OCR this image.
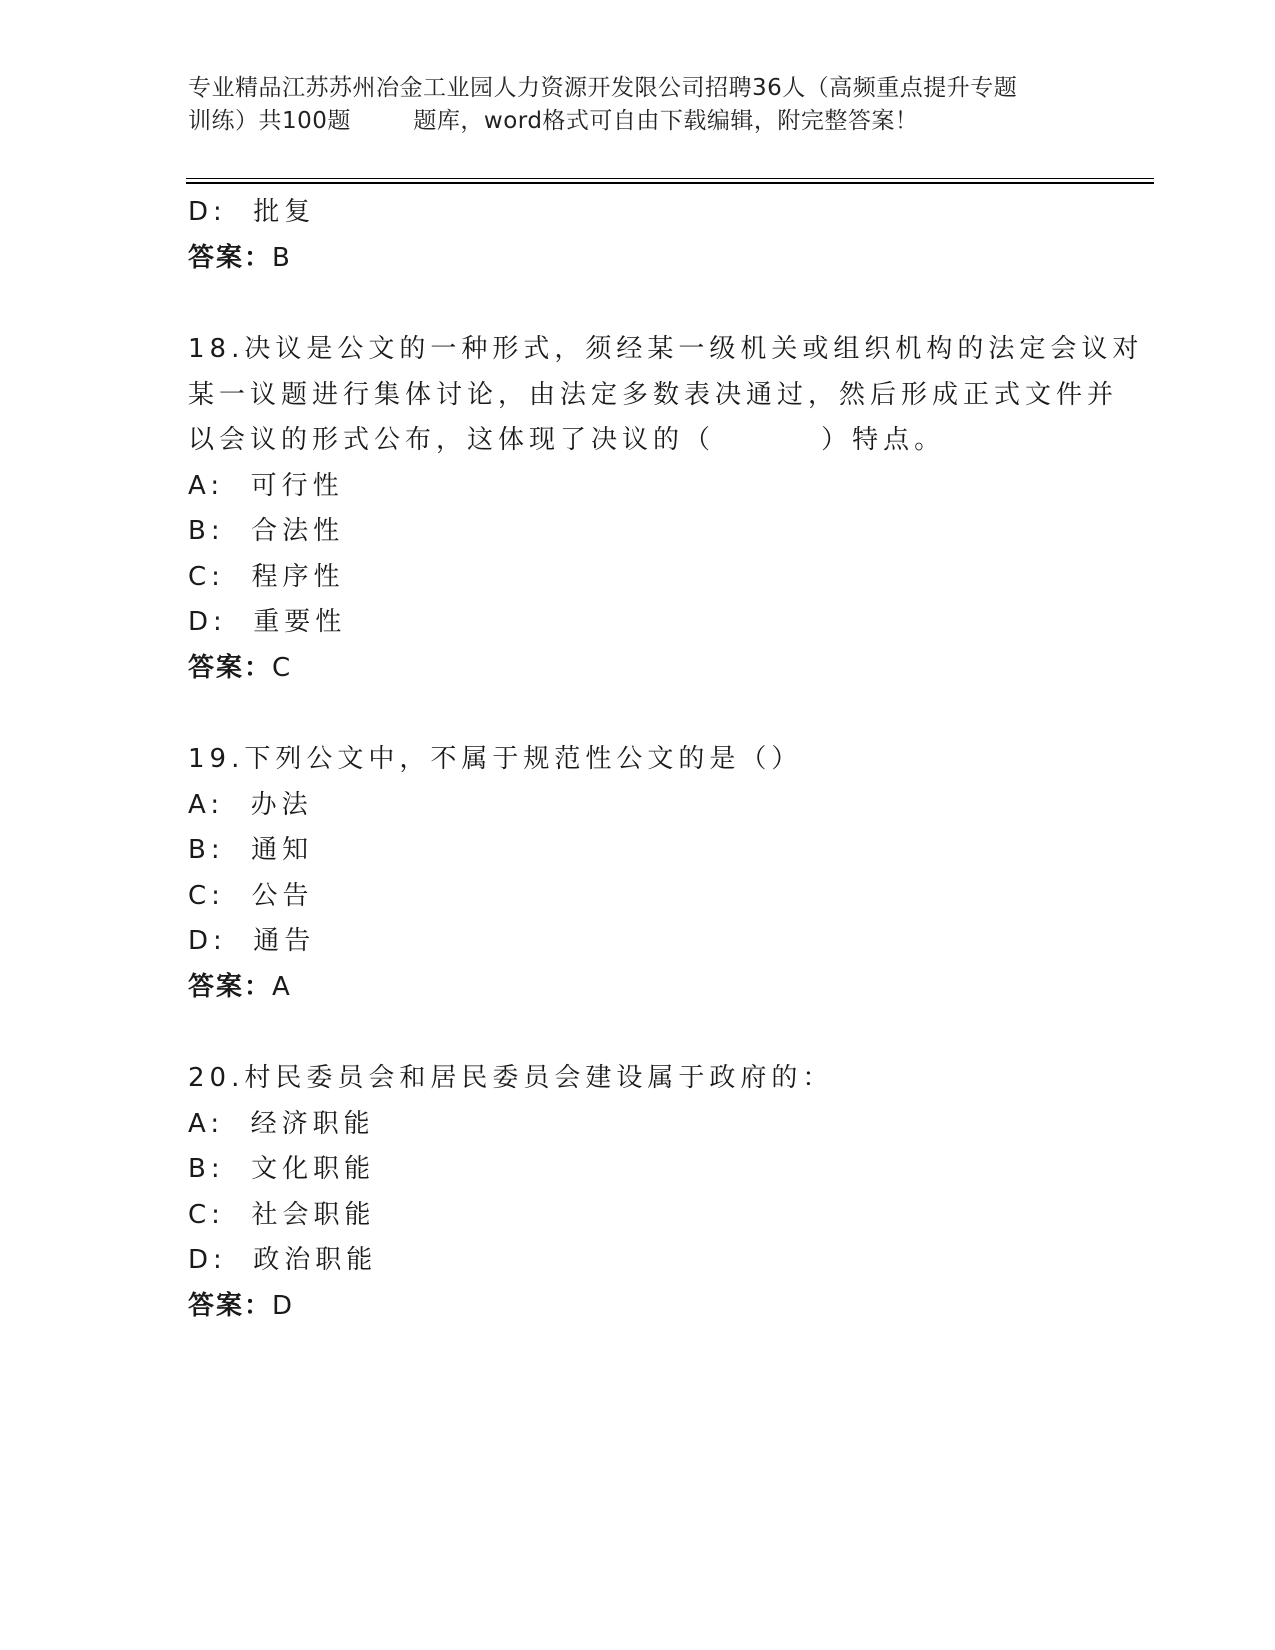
专业精品江苏苏州冶金工业园人力资源开发限公司招聘36人（高频重点提升专题
训练）共100题        题库，word格式可自由下载编辑，附完整答案！
D:  批复
答案：B
18.决议是公文的一种形式，须经某一级机关或组织机构的法定会议对
某一议题进行集体讨论，由法定多数表决通过，然后形成正式文件并
以会议的形式公布，这体现了决议的（        ）特点。
A:  可行性
B:  合法性
C:  程序性
D:  重要性
答案：C
19.下列公文中，不属于规范性公文的是（）
A:  办法
B:  通知
C:  公告
D:  通告
答案：A
20.村民委员会和居民委员会建设属于政府的：
A:  经济职能
B:  文化职能
C:  社会职能
D:  政治职能
答案：D
